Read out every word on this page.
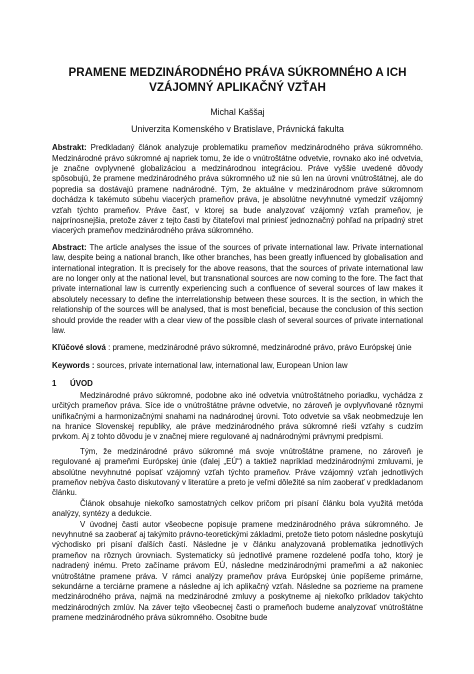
PRAMENE MEDZINÁRODNÉHO PRÁVA SÚKROMNÉHO A ICH
VZÁJOMNÝ APLIKAČNÝ VZŤAH
Michal Kaššaj
Univerzita Komenského v Bratislave, Právnická fakulta
Abstrakt: Predkladaný článok analyzuje problematiku prameňov medzinárodného práva súkromného. Medzinárodné právo súkromné aj napriek tomu, že ide o vnútroštátne odvetvie, rovnako ako iné odvetvia, je značne ovplyvnené globalizáciou a medzinárodnou integráciou. Práve vyššie uvedené dôvody spôsobujú, že pramene medzinárodného práva súkromného už nie sú len na úrovni vnútroštátnej, ale do popredia sa dostávajú pramene nadnárodné. Tým, že aktuálne v medzinárodnom práve súkromnom dochádza k takémuto súbehu viacerých prameňov práva, je absolútne nevyhnutné vymedziť vzájomný vzťah týchto prameňov. Práve časť, v ktorej sa bude analyzovať vzájomný vzťah prameňov, je najprínosnejšia, pretože záver z tejto časti by čitateľovi mal priniesť jednoznačný pohľad na prípadný stret viacerých prameňov medzinárodného práva súkromného.
Abstract: The article analyses the issue of the sources of private international law. Private international law, despite being a national branch, like other branches, has been greatly influenced by globalisation and international integration. It is precisely for the above reasons, that the sources of private international law are no longer only at the national level, but transnational sources are now coming to the fore. The fact that private international law is currently experiencing such a confluence of several sources of law makes it absolutely necessary to define the interrelationship between these sources. It is the section, in which the relationship of the sources will be analysed, that is most beneficial, because the conclusion of this section should provide the reader with a clear view of the possible clash of several sources of private international law.
Kľúčové slová : pramene, medzinárodné právo súkromné, medzinárodné právo, právo Európskej únie
Keywords : sources, private international law, international law, European Union law
1	ÚVOD

Medzinárodné právo súkromné, podobne ako iné odvetvia vnútroštátneho poriadku, vychádza z určitých prameňov práva. Síce ide o vnútroštátne právne odvetvie, no zároveň je ovplyvňované rôznymi unifikačnými a harmonizačnými snahami na nadnárodnej úrovni. Toto odvetvie sa však neobmedzuje len na hranice Slovenskej republiky, ale práve medzinárodného práva súkromné rieši vzťahy s cudzím prvkom. Aj z tohto dôvodu je v značnej miere regulované aj nadnárodnými právnymi predpismi.

Tým, že medzinárodné právo súkromné má svoje vnútroštátne pramene, no zároveň je regulované aj prameňmi Európskej únie (ďalej „EÚ“) a taktiež napríklad medzinárodnými zmluvami, je absolútne nevyhnutné popísať vzájomný vzťah týchto prameňov. Práve vzájomný vzťah jednotlivých prameňov nebýva často diskutovaný v literatúre a preto je veľmi dôležité sa ním zaoberať v predkladanom článku.

Článok obsahuje niekoľko samostatných celkov pričom pri písaní článku bola využitá metóda analýzy, syntézy a dedukcie.

V úvodnej časti autor všeobecne popisuje pramene medzinárodného práva súkromného. Je nevyhnutné sa zaoberať aj takýmito právno-teoretickými základmi, pretože tieto potom následne poskytujú východisko pri písaní ďalších častí. Následne je v článku analyzovaná problematika jednotlivých prameňov na rôznych úrovniach. Systematicky sú jednotlivé pramene rozdelené podľa toho, ktorý je nadradený inému. Preto začíname právom EÚ, následne medzinárodnými prameňmi a až nakoniec vnútroštátne pramene práva. V rámci analýzy prameňov práva Európskej únie popíšeme primárne, sekundárne a terciárne pramene a následne aj ich aplikačný vzťah. Následne sa pozrieme na pramene medzinárodného práva, najmä na medzinárodné zmluvy a poskytneme aj niekoľko príkladov takýchto medzinárodných zmlúv. Na záver tejto všeobecnej časti o prameňoch budeme analyzovať vnútroštátne pramene medzinárodného práva súkromného. Osobitne bude
